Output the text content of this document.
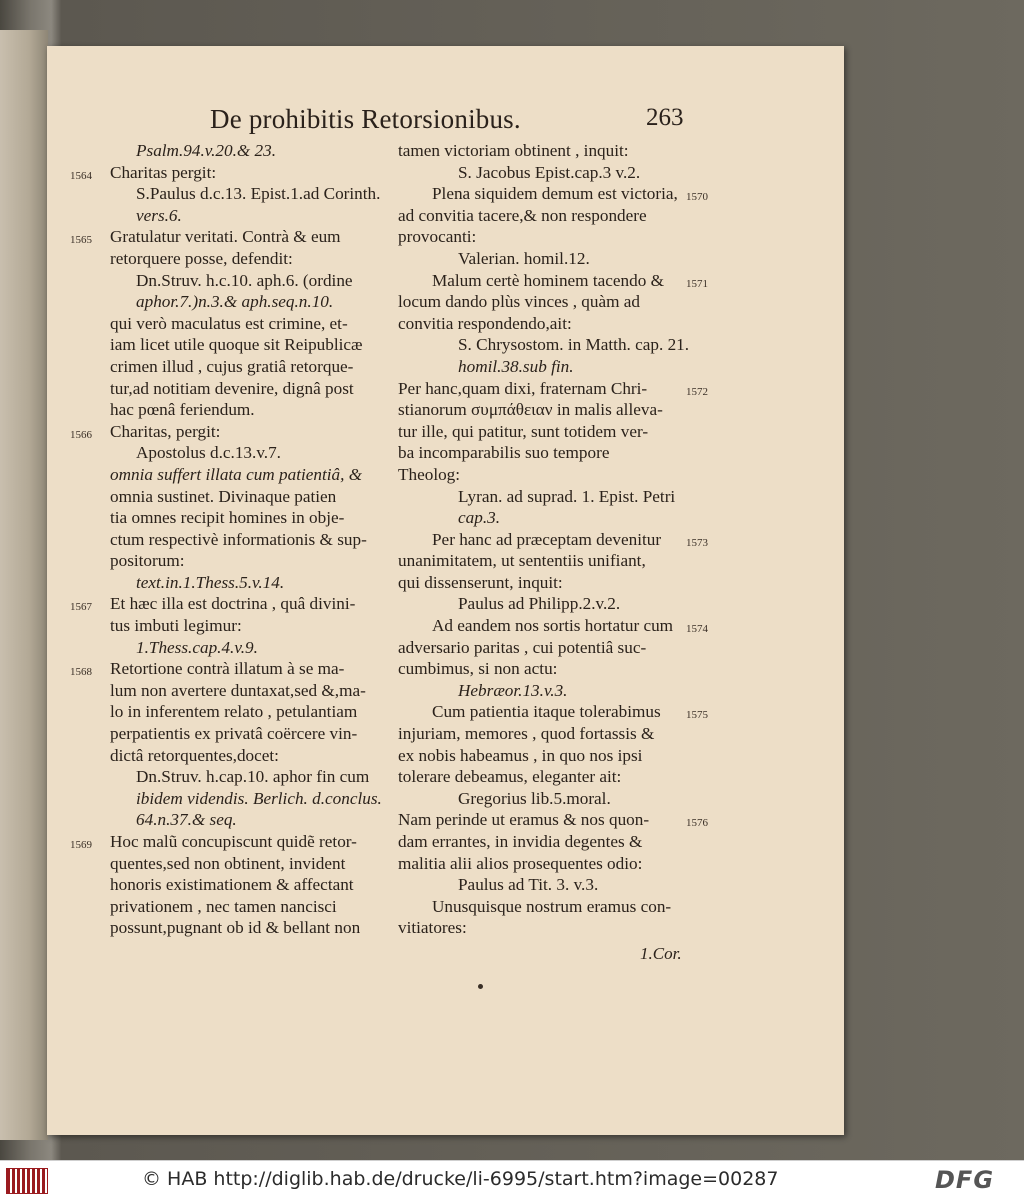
De prohibitis Retorsionibus.	263
Psalm.94.v.20.& 23.
1564 Charitas pergit:
S.Paulus d.c.13. Epist.1.ad Corinth.
vers.6.
1565 Gratulatur veritati. Contrà & eum
retorquere posse, defendit:
Dn.Struv. h.c.10. aph.6. (ordine
aphor.7.)n.3.& aph.seq.n.10.
qui verò maculatus est crimine, et-
iam licet utile quoque sit Reipublicæ
crimen illud , cujus gratiâ retorque-
tur,ad notitiam devenire, dignâ post
hac pœnâ feriendum.
1566 Charitas, pergit:
Apostolus d.c.13.v.7.
omnia suffert illata cum patientiâ, &
omnia sustinet. Divinaque patien
tia omnes recipit homines in obje-
ctum respectivè informationis & sup-
positorum:
text.in.1.Thess.5.v.14.
1567 Et hæc illa est doctrina , quâ divini-
tus imbuti legimur:
1.Thess.cap.4.v.9.
1568 Retortione contrà illatum à se ma-
lum non avertere duntaxat,sed &,ma-
lo in inferentem relato , petulantiam
perpatientis ex privatâ coërcere vin-
dictâ retorquentes,docet:
Dn.Struv. h.cap.10. aphor fin cum
ibidem videndis. Berlich. d.conclus.
64.n.37.& seq.
1569 Hoc malũ concupiscunt quidẽ retor-
quentes,sed non obtinent, invident
honoris existimationem & affectant
privationem , nec tamen nancisci
possunt,pugnant ob id & bellant non
tamen victoriam obtinent , inquit:
S. Jacobus Epist.cap.3 v.2.
1570
Plena siquidem demum est victoria,
ad convitia tacere,& non respondere
provocanti:
Valerian. homil.12.
1571
Malum certè hominem tacendo &
locum dando plùs vinces , quàm ad
convitia respondendo,ait:
S. Chrysostom. in Matth. cap. 21.
homil.38.sub fin.
1572
Per hanc,quam dixi, fraternam Chri-
stianorum συμπάθειαν in malis alleva-
tur ille, qui patitur, sunt totidem ver-
ba incomparabilis suo tempore
Theolog:
Lyran. ad suprad. 1. Epist. Petri
cap.3.
1573
Per hanc ad præceptam devenitur
unanimitatem, ut sententiis unifiant,
qui dissenserunt, inquit:
Paulus ad Philipp.2.v.2.
1574
Ad eandem nos sortis hortatur cum
adversario paritas , cui potentiâ suc-
cumbimus, si non actu:
Hebræor.13.v.3.
1575
Cum patientia itaque tolerabimus
injuriam, memores , quod fortassis &
ex nobis habeamus , in quo nos ipsi
tolerare debeamus, eleganter ait:
Gregorius lib.5.moral.
1576
Nam perinde ut eramus & nos quon-
dam errantes, in invidia degentes &
malitia alii alios prosequentes odio:
Paulus ad Tit. 3. v.3.
Unusquisque nostrum eramus con-
vitiatores:
1.Cor.
© HAB http://diglib.hab.de/drucke/li-6995/start.htm?image=00287	DFG
